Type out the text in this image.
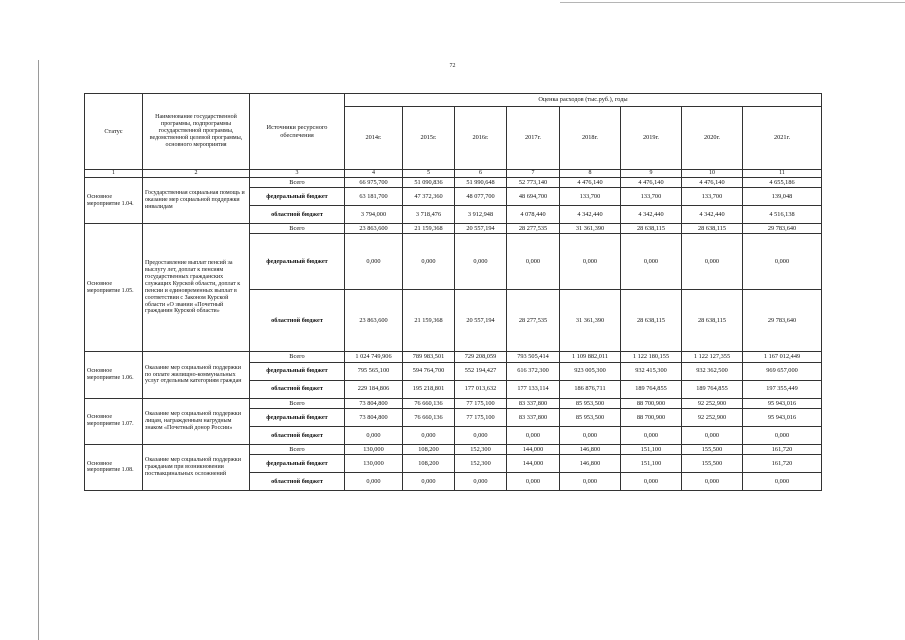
72
Статус	Наименование государственной программы, подпрограммы государственной программы, ведомственной целевой программы, основного мероприятия	Источники ресурсного обеспечения	Оценка расходов (тыс.руб.), годы							
			2014г.	2015г.	2016г.	2017г.	2018г.	2019г.	2020г.	2021г.
1	2	3	4	5	6	7	8	9	10	11
Основное мероприятие 1.04.	Государственная социальная помощь и оказание мер социальной поддержки инвалидам	Всего	66 975,700	51 090,836	51 990,648	52 773,140	4 476,140	4 476,140	4 476,140	4 655,186
		федеральный бюджет	63 181,700	47 372,360	48 077,700	48 694,700	133,700	133,700	133,700	139,048
		областной бюджет	3 794,000	3 718,476	3 912,948	4 078,440	4 342,440	4 342,440	4 342,440	4 516,138
Основное мероприятие 1.05.	Предоставление выплат пенсий за выслугу лет, доплат к пенсиям государственных гражданских служащих Курской области, доплат к пенсии и единовременных выплат в соответствии с Законом Курской области «О звании «Почетный гражданин Курской области»	Всего	23 863,600	21 159,368	20 557,194	28 277,535	31 361,390	28 638,115	28 638,115	29 783,640
		федеральный бюджет	0,000	0,000	0,000	0,000	0,000	0,000	0,000	0,000
		областной бюджет	23 863,600	21 159,368	20 557,194	28 277,535	31 361,390	28 638,115	28 638,115	29 783,640
Основное мероприятие 1.06.	Оказание мер социальной поддержки по оплате жилищно-коммунальных услуг отдельным категориям граждан	Всего	1 024 749,906	789 983,501	729 208,059	793 505,414	1 109 882,011	1 122 180,155	1 122 127,355	1 167 012,449
		федеральный бюджет	795 565,100	594 764,700	552 194,427	616 372,300	923 005,300	932 415,300	932 362,500	969 657,000
		областной бюджет	229 184,806	195 218,801	177 013,632	177 133,114	186 876,711	189 764,855	189 764,855	197 355,449
Основное мероприятие 1.07.	Оказание мер социальной поддержки лицам, награжденным нагрудным знаком «Почетный донор России»	Всего	73 804,800	76 660,136	77 175,100	83 337,800	85 953,500	88 700,900	92 252,900	95 943,016
		федеральный бюджет	73 804,800	76 660,136	77 175,100	83 337,800	85 953,500	88 700,900	92 252,900	95 943,016
		областной бюджет	0,000	0,000	0,000	0,000	0,000	0,000	0,000	0,000
Основное мероприятие 1.08.	Оказание мер социальной поддержки гражданам при возникновении поствакцинальных осложнений	Всего	130,000	108,200	152,300	144,000	146,800	151,100	155,500	161,720
		федеральный бюджет	130,000	108,200	152,300	144,000	146,800	151,100	155,500	161,720
		областной бюджет	0,000	0,000	0,000	0,000	0,000	0,000	0,000	0,000
